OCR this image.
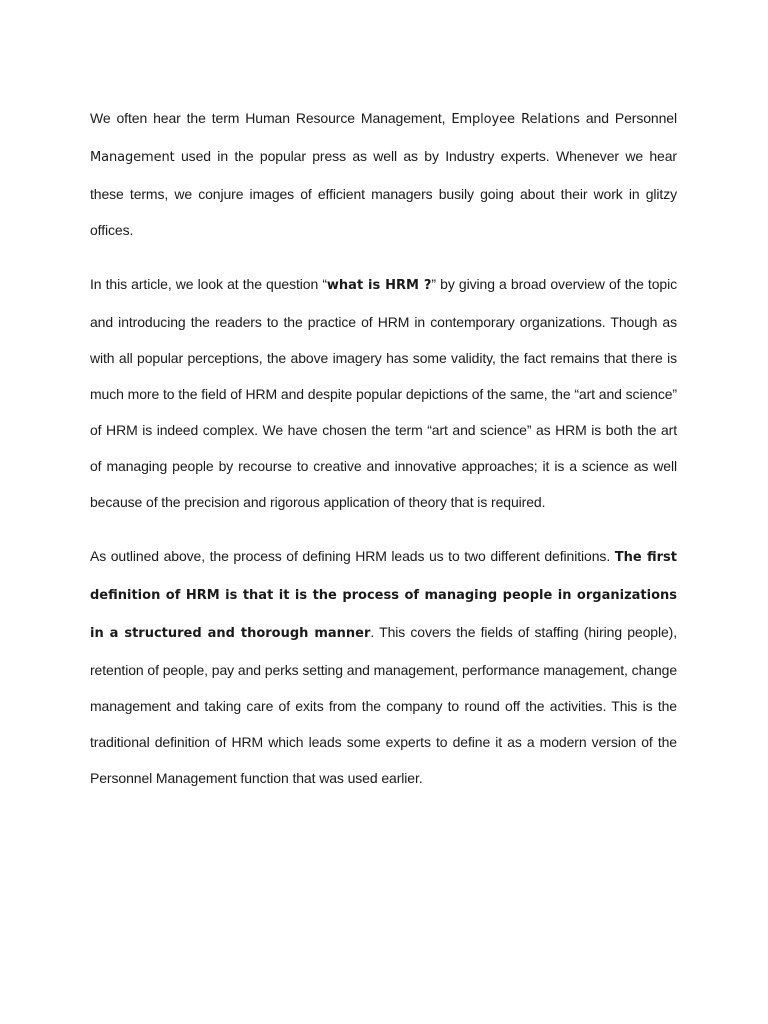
We often hear the term Human Resource Management, Employee Relations and Personnel Management used in the popular press as well as by Industry experts. Whenever we hear these terms, we conjure images of efficient managers busily going about their work in glitzy offices.

In this article, we look at the question “what is HRM ?” by giving a broad overview of the topic and introducing the readers to the practice of HRM in contemporary organizations. Though as with all popular perceptions, the above imagery has some validity, the fact remains that there is much more to the field of HRM and despite popular depictions of the same, the “art and science” of HRM is indeed complex. We have chosen the term “art and science” as HRM is both the art of managing people by recourse to creative and innovative approaches; it is a science as well because of the precision and rigorous application of theory that is required.

As outlined above, the process of defining HRM leads us to two different definitions. The first definition of HRM is that it is the process of managing people in organizations in a structured and thorough manner. This covers the fields of staffing (hiring people), retention of people, pay and perks setting and management, performance management, change management and taking care of exits from the company to round off the activities. This is the traditional definition of HRM which leads some experts to define it as a modern version of the Personnel Management function that was used earlier.
